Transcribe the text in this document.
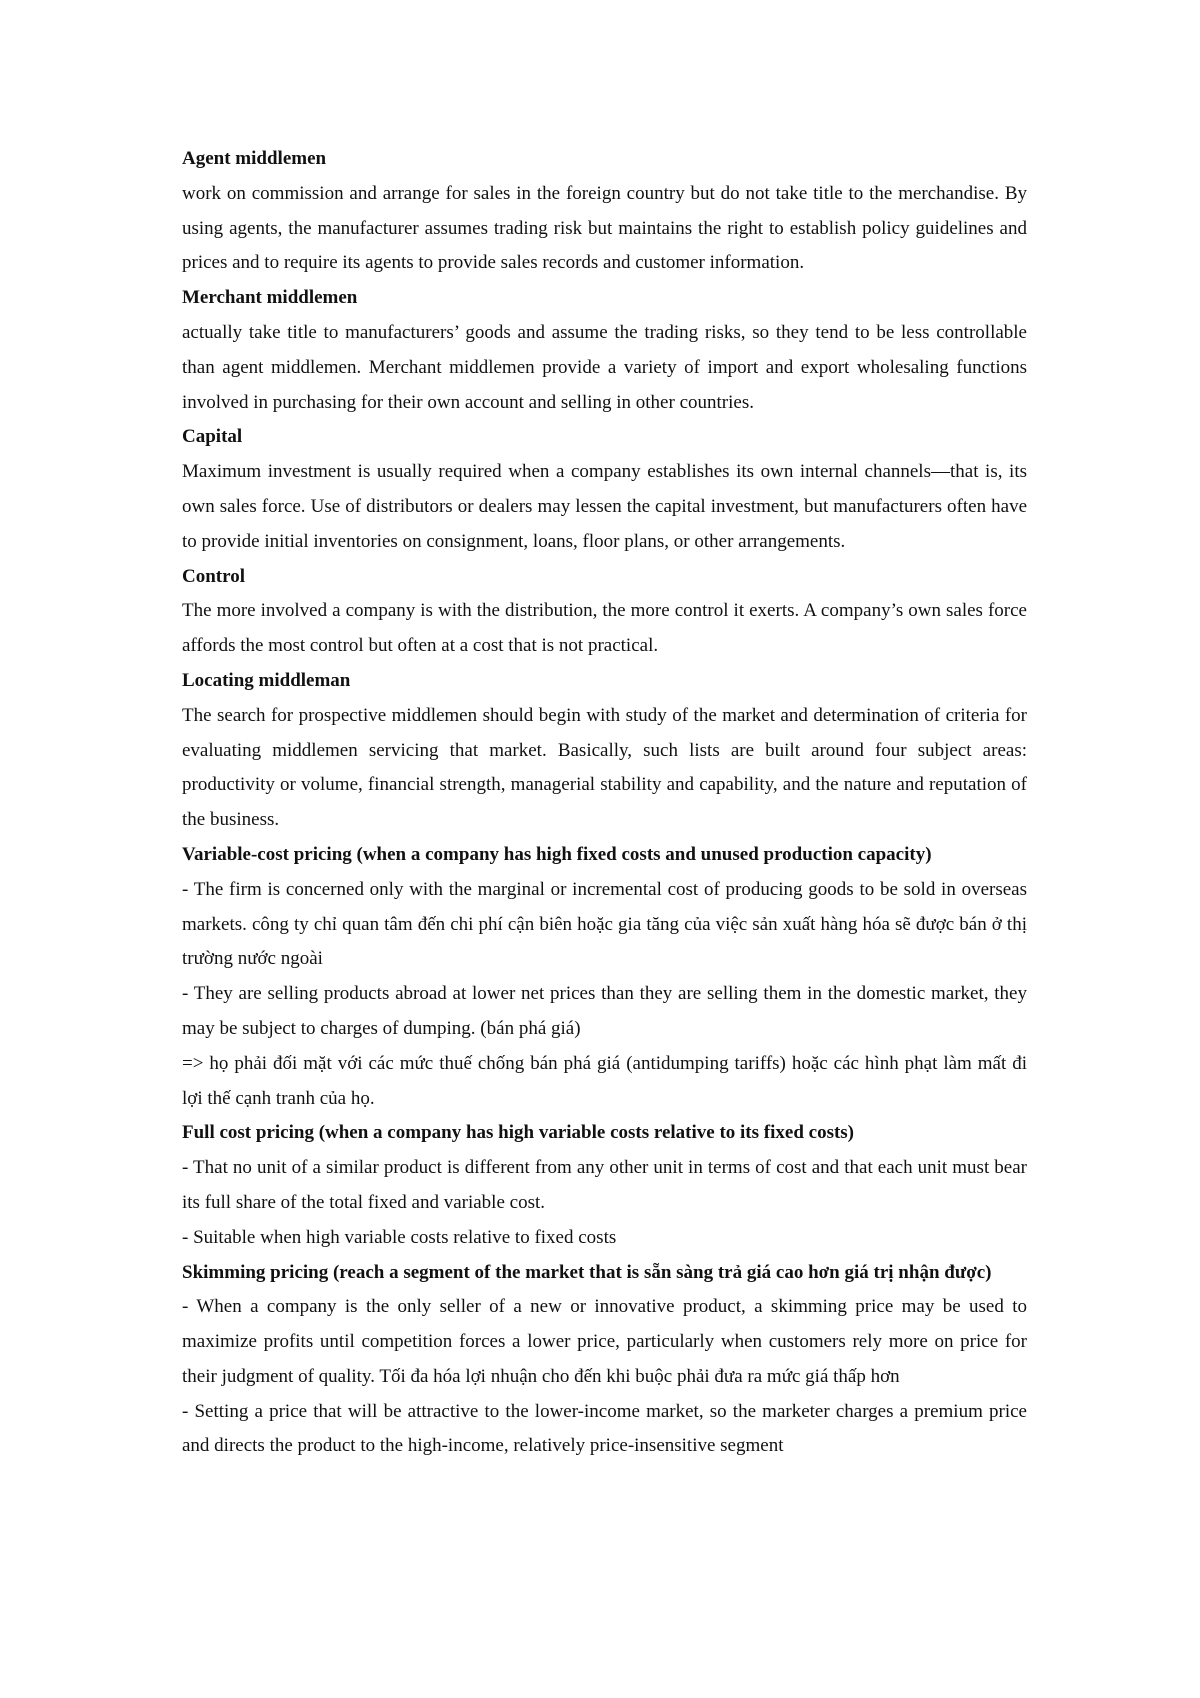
Agent middlemen

work on commission and arrange for sales in the foreign country but do not take title to the merchandise. By using agents, the manufacturer assumes trading risk but maintains the right to establish policy guidelines and prices and to require its agents to provide sales records and customer information.

Merchant middlemen

actually take title to manufacturers’ goods and assume the trading risks, so they tend to be less controllable than agent middlemen. Merchant middlemen provide a variety of import and export wholesaling functions involved in purchasing for their own account and selling in other countries.

Capital

Maximum investment is usually required when a company establishes its own internal channels—that is, its own sales force. Use of distributors or dealers may lessen the capital investment, but manufacturers often have to provide initial inventories on consignment, loans, floor plans, or other arrangements.

Control

The more involved a company is with the distribution, the more control it exerts. A company’s own sales force affords the most control but often at a cost that is not practical.

Locating middleman

The search for prospective middlemen should begin with study of the market and determination of criteria for evaluating middlemen servicing that market. Basically, such lists are built around four subject areas: productivity or volume, financial strength, managerial stability and capability, and the nature and reputation of the business.

Variable-cost pricing (when a company has high fixed costs and unused production capacity)

- The firm is concerned only with the marginal or incremental cost of producing goods to be sold in overseas markets. công ty chỉ quan tâm đến chi phí cận biên hoặc gia tăng của việc sản xuất hàng hóa sẽ được bán ở thị trường nước ngoài

- They are selling products abroad at lower net prices than they are selling them in the domestic market, they may be subject to charges of dumping. (bán phá giá)

=> họ phải đối mặt với các mức thuế chống bán phá giá (antidumping tariffs) hoặc các hình phạt làm mất đi lợi thế cạnh tranh của họ.

Full cost pricing (when a company has high variable costs relative to its fixed costs)

- That no unit of a similar product is different from any other unit in terms of cost and that each unit must bear its full share of the total fixed and variable cost.

- Suitable when high variable costs relative to fixed costs

Skimming pricing (reach a segment of the market that is sẵn sàng trả giá cao hơn giá trị nhận được)

- When a company is the only seller of a new or innovative product, a skimming price may be used to maximize profits until competition forces a lower price, particularly when customers rely more on price for their judgment of quality. Tối đa hóa lợi nhuận cho đến khi buộc phải đưa ra mức giá thấp hơn

- Setting a price that will be attractive to the lower-income market, so the marketer charges a premium price and directs the product to the high-income, relatively price-insensitive segment
